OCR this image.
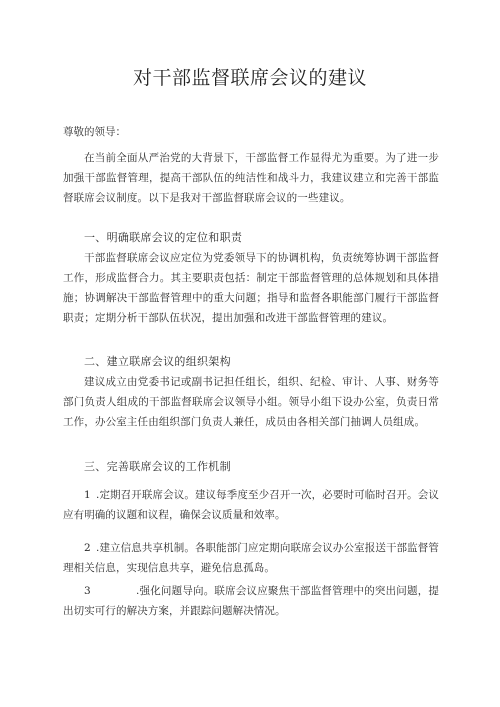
对干部监督联席会议的建议
尊敬的领导：
在当前全面从严治党的大背景下，干部监督工作显得尤为重要。为了进一步加强干部监督管理，提高干部队伍的纯洁性和战斗力，我建议建立和完善干部监督联席会议制度。以下是我对干部监督联席会议的一些建议。
一、明确联席会议的定位和职责
干部监督联席会议应定位为党委领导下的协调机构，负责统筹协调干部监督工作，形成监督合力。其主要职责包括：制定干部监督管理的总体规划和具体措施；协调解决干部监督管理中的重大问题；指导和监督各职能部门履行干部监督职责；定期分析干部队伍状况，提出加强和改进干部监督管理的建议。
二、建立联席会议的组织架构
建议成立由党委书记或副书记担任组长，组织、纪检、审计、人事、财务等部门负责人组成的干部监督联席会议领导小组。领导小组下设办公室，负责日常工作，办公室主任由组织部门负责人兼任，成员由各相关部门抽调人员组成。
三、完善联席会议的工作机制
1 .定期召开联席会议。建议每季度至少召开一次，必要时可临时召开。会议应有明确的议题和议程，确保会议质量和效率。
2 .建立信息共享机制。各职能部门应定期向联席会议办公室报送干部监督管理相关信息，实现信息共享，避免信息孤岛。
3	.强化问题导向。联席会议应聚焦干部监督管理中的突出问题，提出切实可行的解决方案，并跟踪问题解决情况。
